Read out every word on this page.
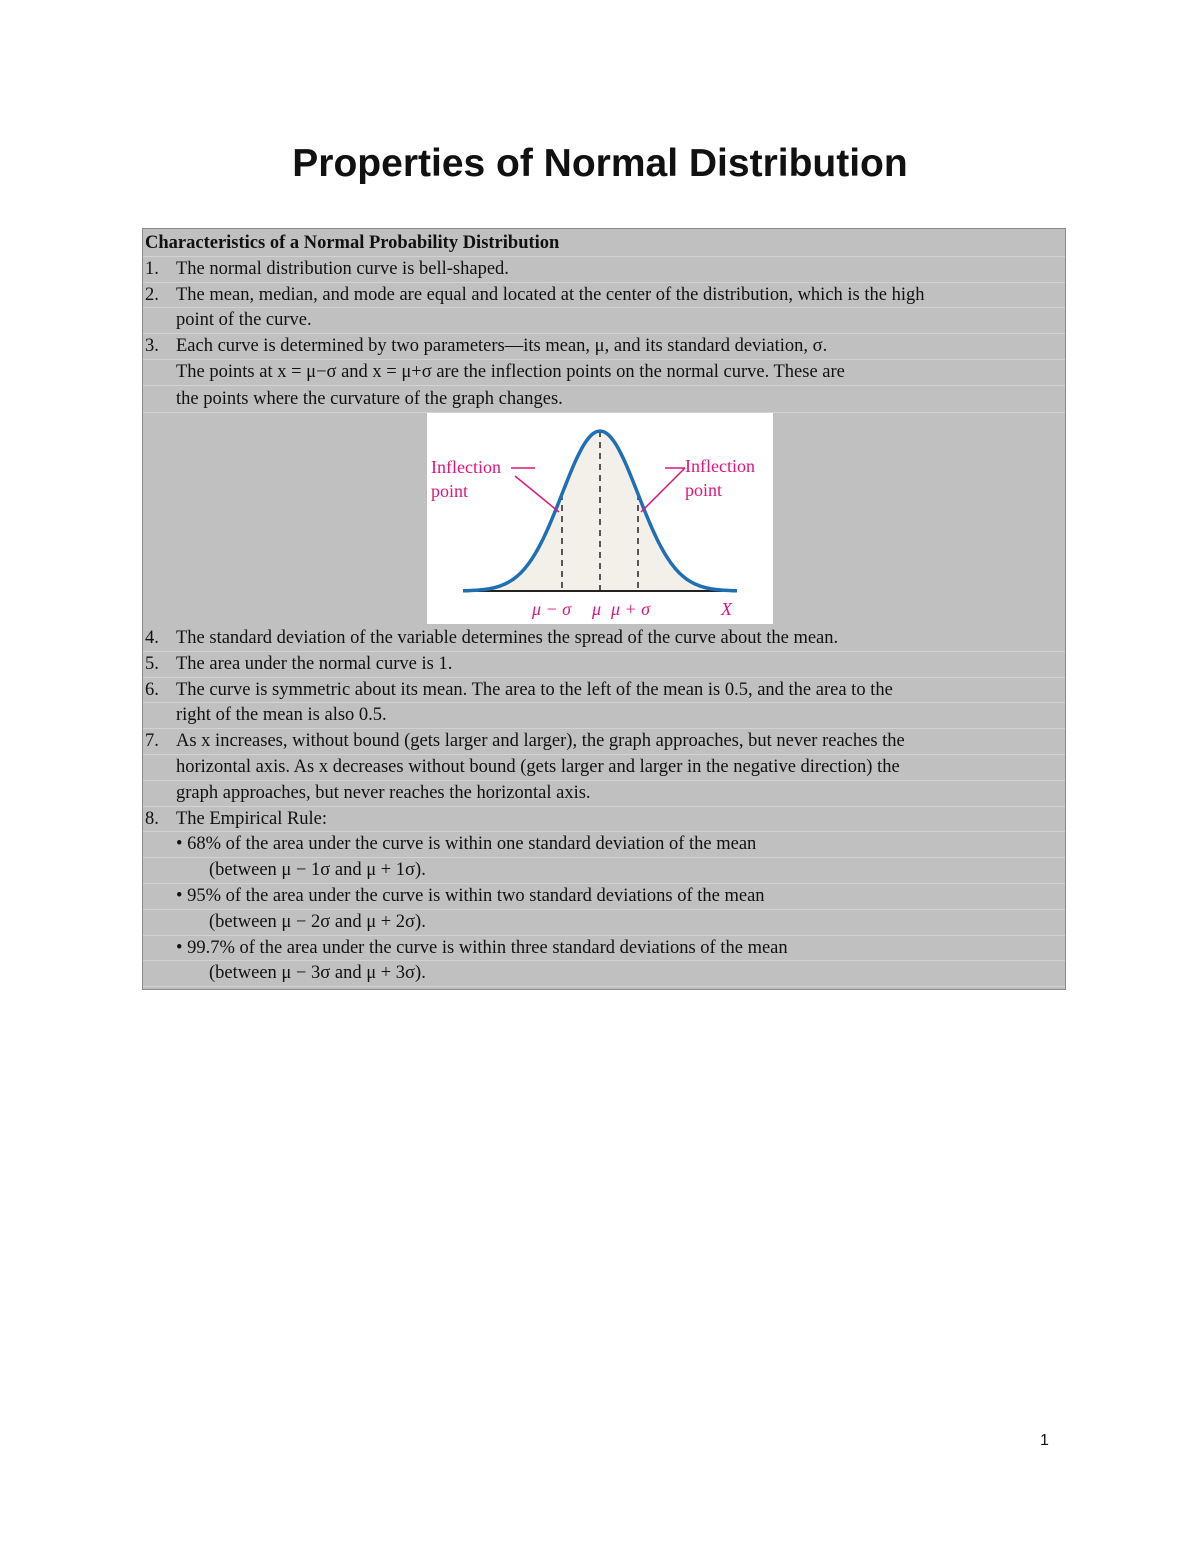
Properties of Normal Distribution
Characteristics of a Normal Probability Distribution
1. The normal distribution curve is bell-shaped.
2. The mean, median, and mode are equal and located at the center of the distribution, which is the high
point of the curve.
3. Each curve is determined by two parameters—its mean, μ, and its standard deviation, σ.
The points at x = μ−σ and x = μ+σ are the inflection points on the normal curve. These are
the points where the curvature of the graph changes.
Inflection
point
Inflection
point
μ − σ μ μ + σ	X
4. The standard deviation of the variable determines the spread of the curve about the mean.
5. The area under the normal curve is 1.
6. The curve is symmetric about its mean. The area to the left of the mean is 0.5, and the area to the
right of the mean is also 0.5.
7. As x increases, without bound (gets larger and larger), the graph approaches, but never reaches the
horizontal axis. As x decreases without bound (gets larger and larger in the negative direction) the
graph approaches, but never reaches the horizontal axis.
8. The Empirical Rule:
• 68% of the area under the curve is within one standard deviation of the mean
(between μ − 1σ and μ + 1σ).
• 95% of the area under the curve is within two standard deviations of the mean
(between μ − 2σ and μ + 2σ).
• 99.7% of the area under the curve is within three standard deviations of the mean
(between μ − 3σ and μ + 3σ).
1
